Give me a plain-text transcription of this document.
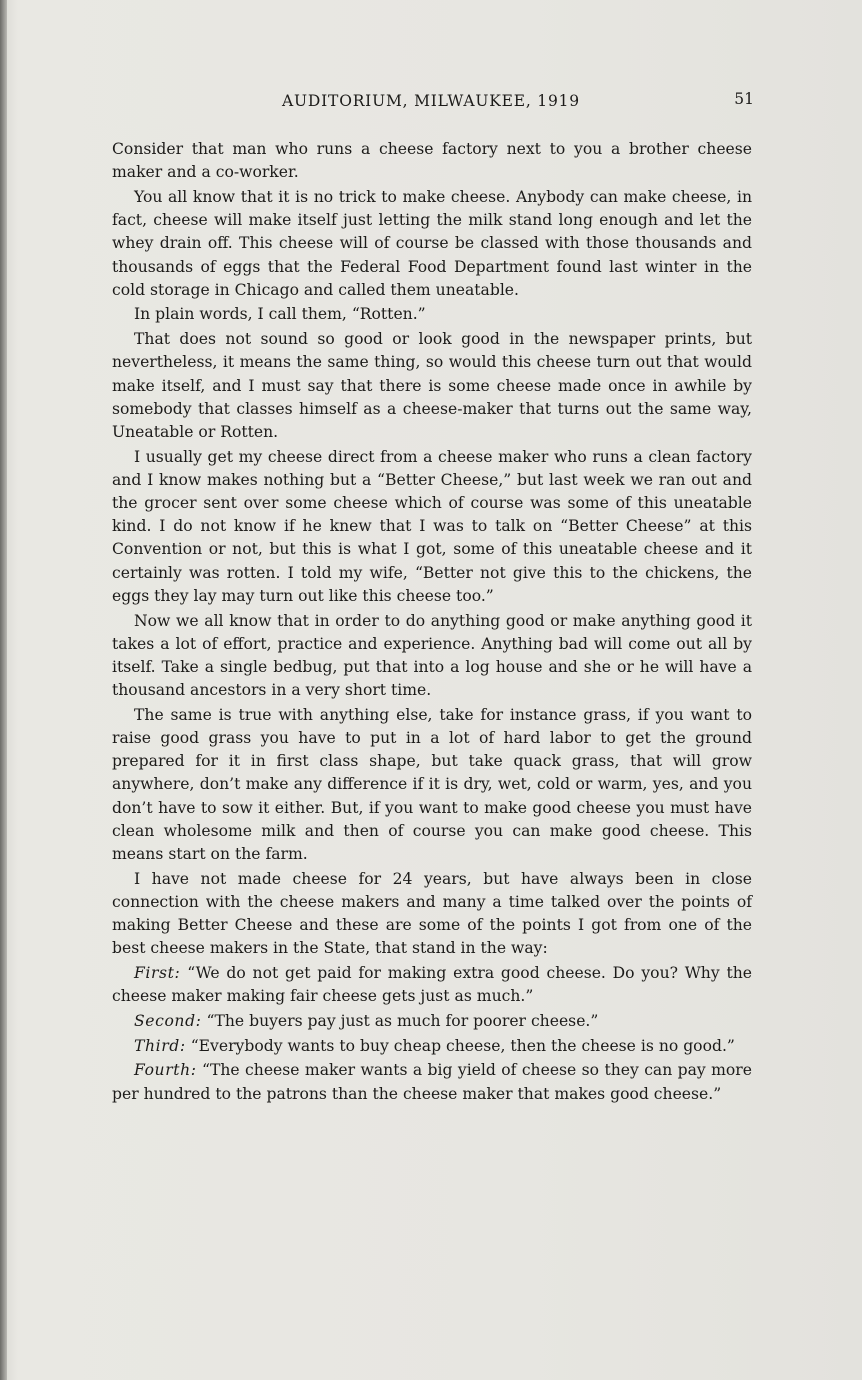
AUDITORIUM, MILWAUKEE, 1919	51

Consider that man who runs a cheese factory next to you a brother cheese maker and a co-worker.

You all know that it is no trick to make cheese. Anybody can make cheese, in fact, cheese will make itself just letting the milk stand long enough and let the whey drain off. This cheese will of course be classed with those thousands and thousands of eggs that the Federal Food Department found last winter in the cold storage in Chicago and called them uneatable.

In plain words, I call them, “Rotten.”

That does not sound so good or look good in the newspaper prints, but nevertheless, it means the same thing, so would this cheese turn out that would make itself, and I must say that there is some cheese made once in awhile by somebody that classes himself as a cheese-maker that turns out the same way, Uneatable or Rotten.

I usually get my cheese direct from a cheese maker who runs a clean factory and I know makes nothing but a “Better Cheese,” but last week we ran out and the grocer sent over some cheese which of course was some of this uneatable kind. I do not know if he knew that I was to talk on “Better Cheese” at this Convention or not, but this is what I got, some of this uneatable cheese and it certainly was rotten. I told my wife, “Better not give this to the chickens, the eggs they lay may turn out like this cheese too.”

Now we all know that in order to do anything good or make anything good it takes a lot of effort, practice and experience. Anything bad will come out all by itself. Take a single bedbug, put that into a log house and she or he will have a thousand ancestors in a very short time.

The same is true with anything else, take for instance grass, if you want to raise good grass you have to put in a lot of hard labor to get the ground prepared for it in first class shape, but take quack grass, that will grow anywhere, don’t make any difference if it is dry, wet, cold or warm, yes, and you don’t have to sow it either. But, if you want to make good cheese you must have clean wholesome milk and then of course you can make good cheese. This means start on the farm.

I have not made cheese for 24 years, but have always been in close connection with the cheese makers and many a time talked over the points of making Better Cheese and these are some of the points I got from one of the best cheese makers in the State, that stand in the way:

First: “We do not get paid for making extra good cheese. Do you? Why the cheese maker making fair cheese gets just as much.”

Second: “The buyers pay just as much for poorer cheese.”

Third: “Everybody wants to buy cheap cheese, then the cheese is no good.”

Fourth: “The cheese maker wants a big yield of cheese so they can pay more per hundred to the patrons than the cheese maker that makes good cheese.”
